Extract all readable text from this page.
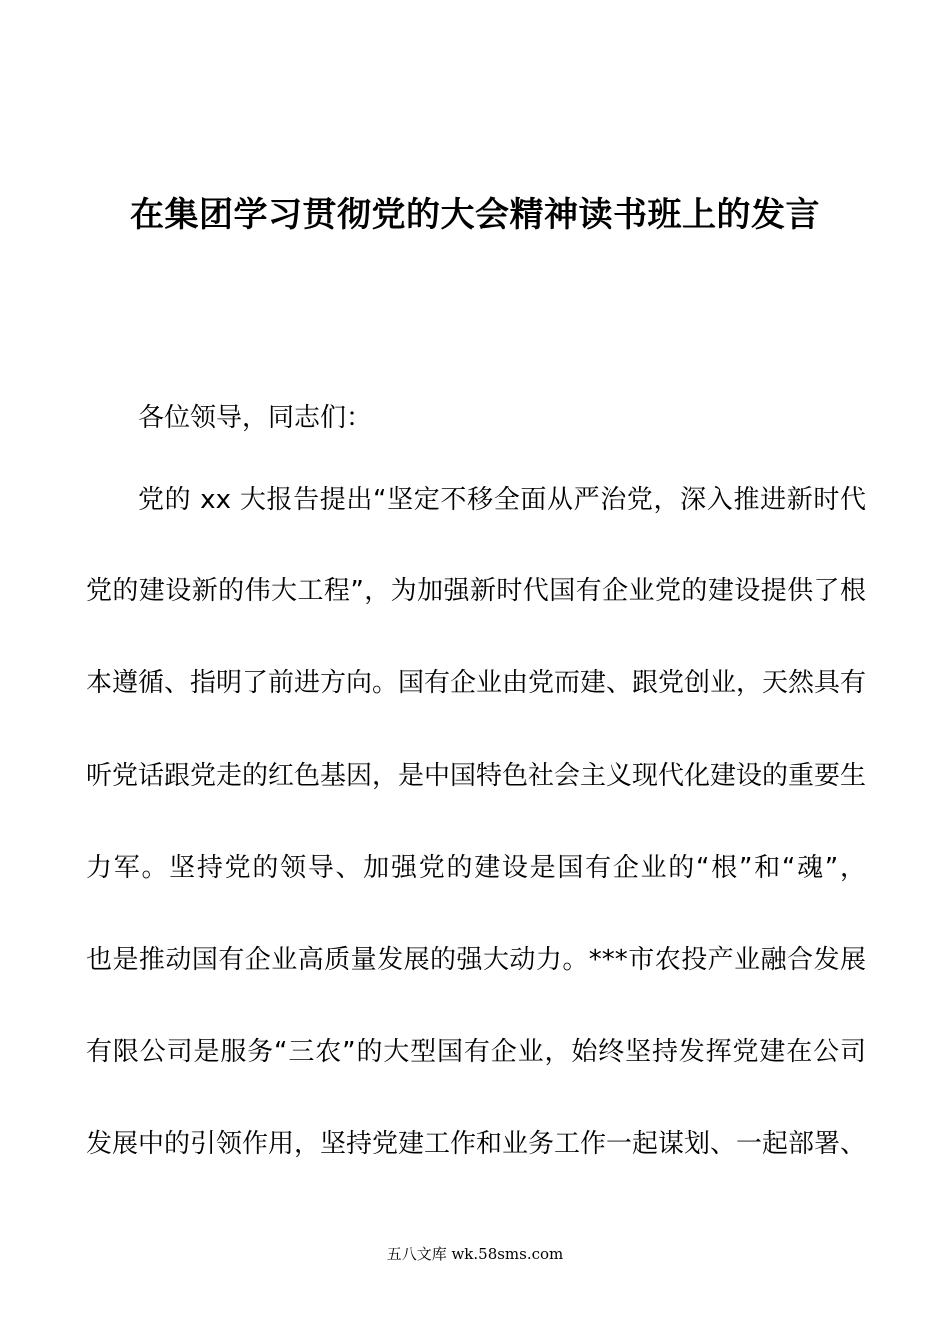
在集团学习贯彻党的大会精神读书班上的发言
各位领导，同志们：
党的 xx 大报告提出“坚定不移全面从严治党，深入推进新时代
党的建设新的伟大工程”，为加强新时代国有企业党的建设提供了根
本遵循、指明了前进方向。国有企业由党而建、跟党创业，天然具有
听党话跟党走的红色基因，是中国特色社会主义现代化建设的重要生
力军。坚持党的领导、加强党的建设是国有企业的“根”和“魂”，
也是推动国有企业高质量发展的强大动力。***市农投产业融合发展
有限公司是服务“三农”的大型国有企业，始终坚持发挥党建在公司
发展中的引领作用，坚持党建工作和业务工作一起谋划、一起部署、
五八文库 wk.58sms.com
